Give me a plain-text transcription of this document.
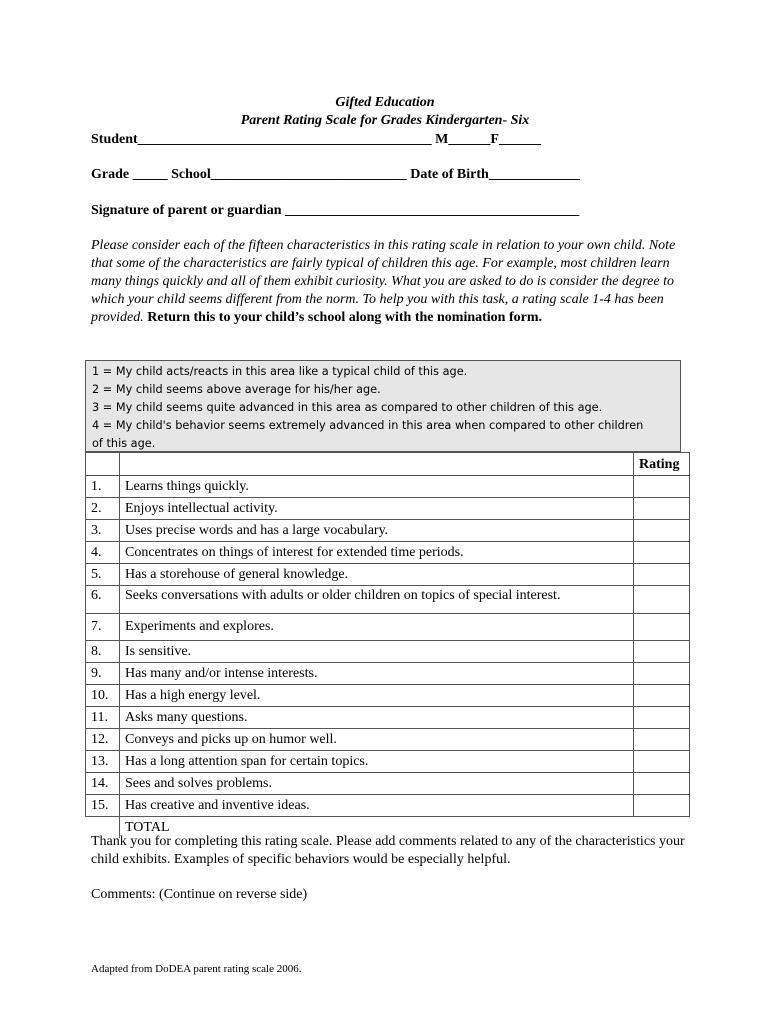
Gifted Education
Parent Rating Scale for Grades Kindergarten- Six
Student__________________________________________ M______F______
Grade _____ School____________________________ Date of Birth_____________
Signature of parent or guardian __________________________________________
Please consider each of the fifteen characteristics in this rating scale in relation to your own child. Note that some of the characteristics are fairly typical of children this age. For example, most children learn many things quickly and all of them exhibit curiosity. What you are asked to do is consider the degree to which your child seems different from the norm. To help you with this task, a rating scale 1-4 has been provided. Return this to your child’s school along with the nomination form.
1 = My child acts/reacts in this area like a typical child of this age.
2 = My child seems above average for his/her age.
3 = My child seems quite advanced in this area as compared to other children of this age.
4 = My child's behavior seems extremely advanced in this area when compared to other children
of this age.
		Rating
1.	Learns things quickly.	
2.	Enjoys intellectual activity.	
3.	Uses precise words and has a large vocabulary.	
4.	Concentrates on things of interest for extended time periods.	
5.	Has a storehouse of general knowledge.	
6.	Seeks conversations with adults or older children on topics of special interest.	
7.	Experiments and explores.	
8.	Is sensitive.	
9.	Has many and/or intense interests.	
10.	Has a high energy level.	
11.	Asks many questions.	
12.	Conveys and picks up on humor well.	
13.	Has a long attention span for certain topics.	
14.	Sees and solves problems.	
15.	Has creative and inventive ideas.	
	TOTAL	
Thank you for completing this rating scale. Please add comments related to any of the characteristics your child exhibits. Examples of specific behaviors would be especially helpful.
Comments: (Continue on reverse side)
Adapted from DoDEA parent rating scale 2006.
